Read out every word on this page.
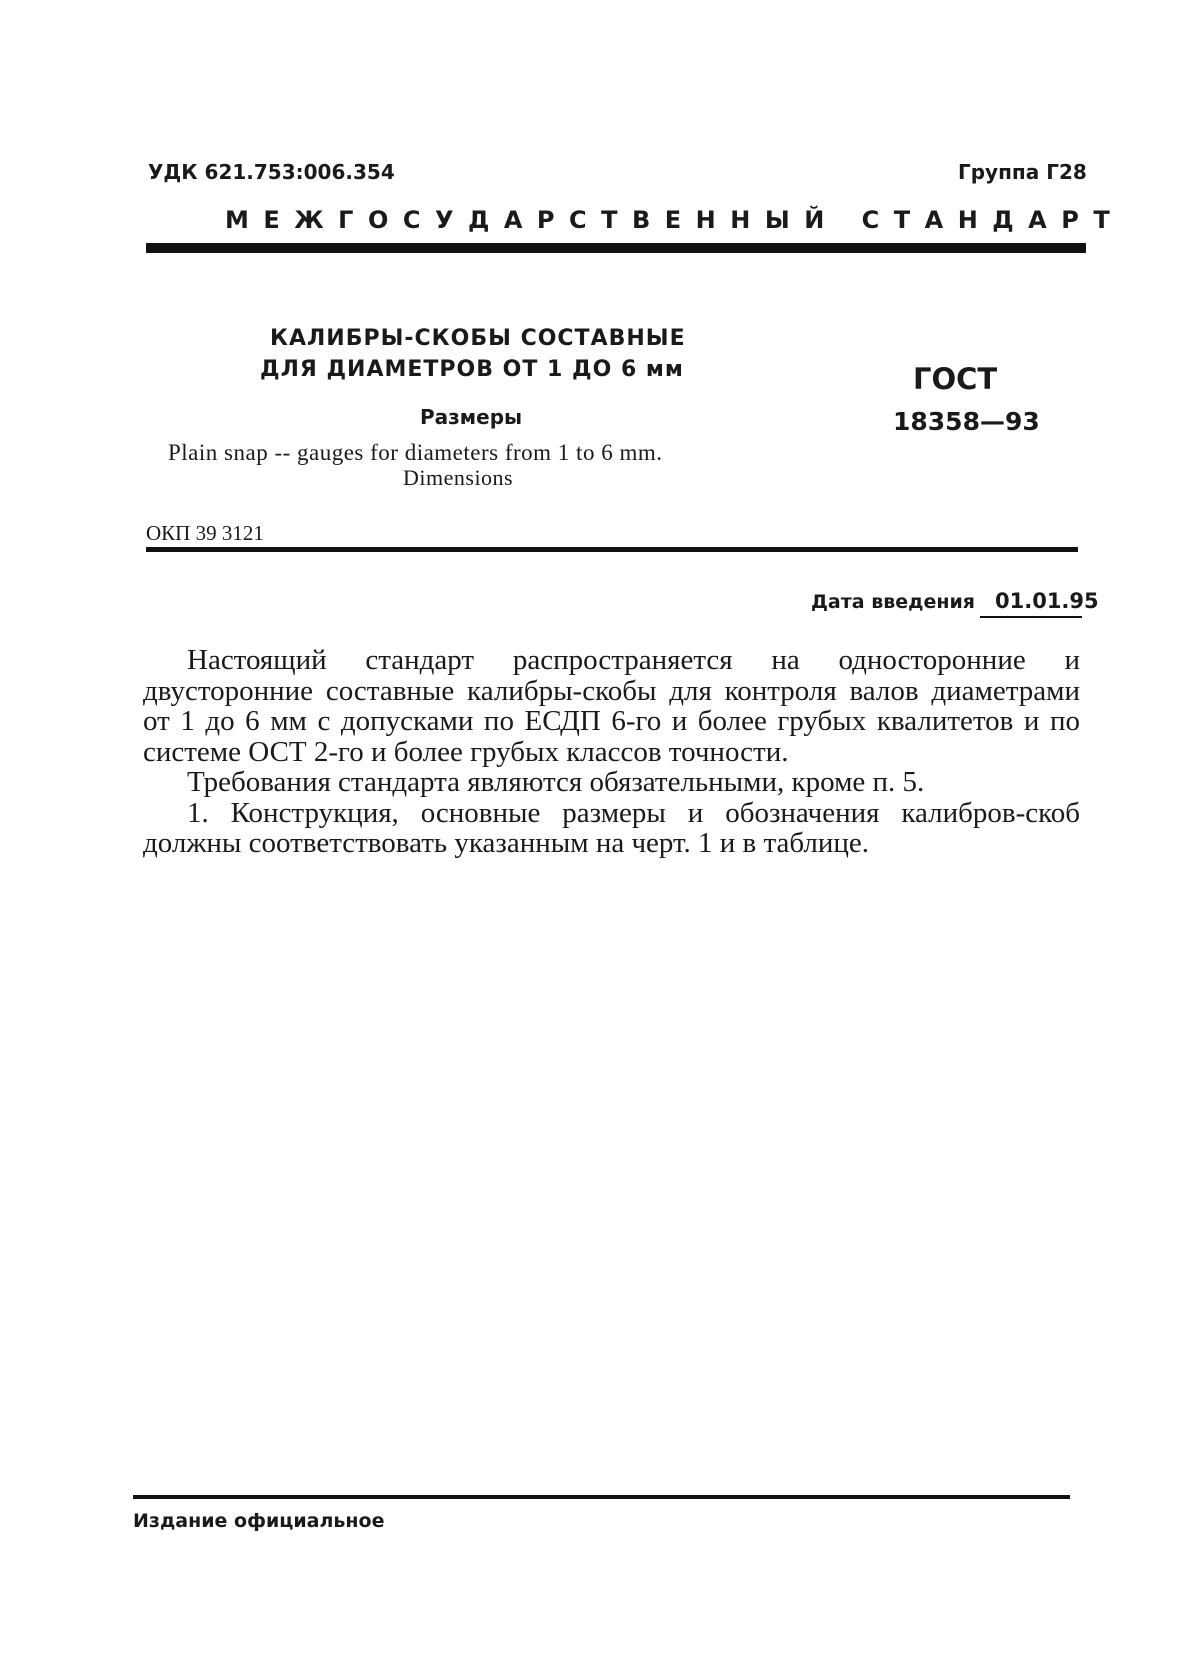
УДК 621.753:006.354	Группа Г28
МЕЖГОСУДАРСТВЕННЫЙ СТАНДАРТ
КАЛИБРЫ-СКОБЫ СОСТАВНЫЕ
ДЛЯ ДИАМЕТРОВ ОТ 1 ДО 6 мм
Размеры
Plain snap -- gauges for diameters from 1 to 6 mm.
Dimensions
ГОСТ
18358—93
ОКП 39 3121
Дата введения 01.01.95

Настоящий стандарт распространяется на односторонние и двусторонние составные калибры-скобы для контроля валов диаметрами от 1 до 6 мм с допусками по ЕСДП 6-го и более грубых квалитетов и по системе ОСТ 2-го и более грубых классов точности.

Требования стандарта являются обязательными, кроме п. 5.

1. Конструкция, основные размеры и обозначения калибров-скоб должны соответствовать указанным на черт. 1 и в таблице.

Издание официальное
